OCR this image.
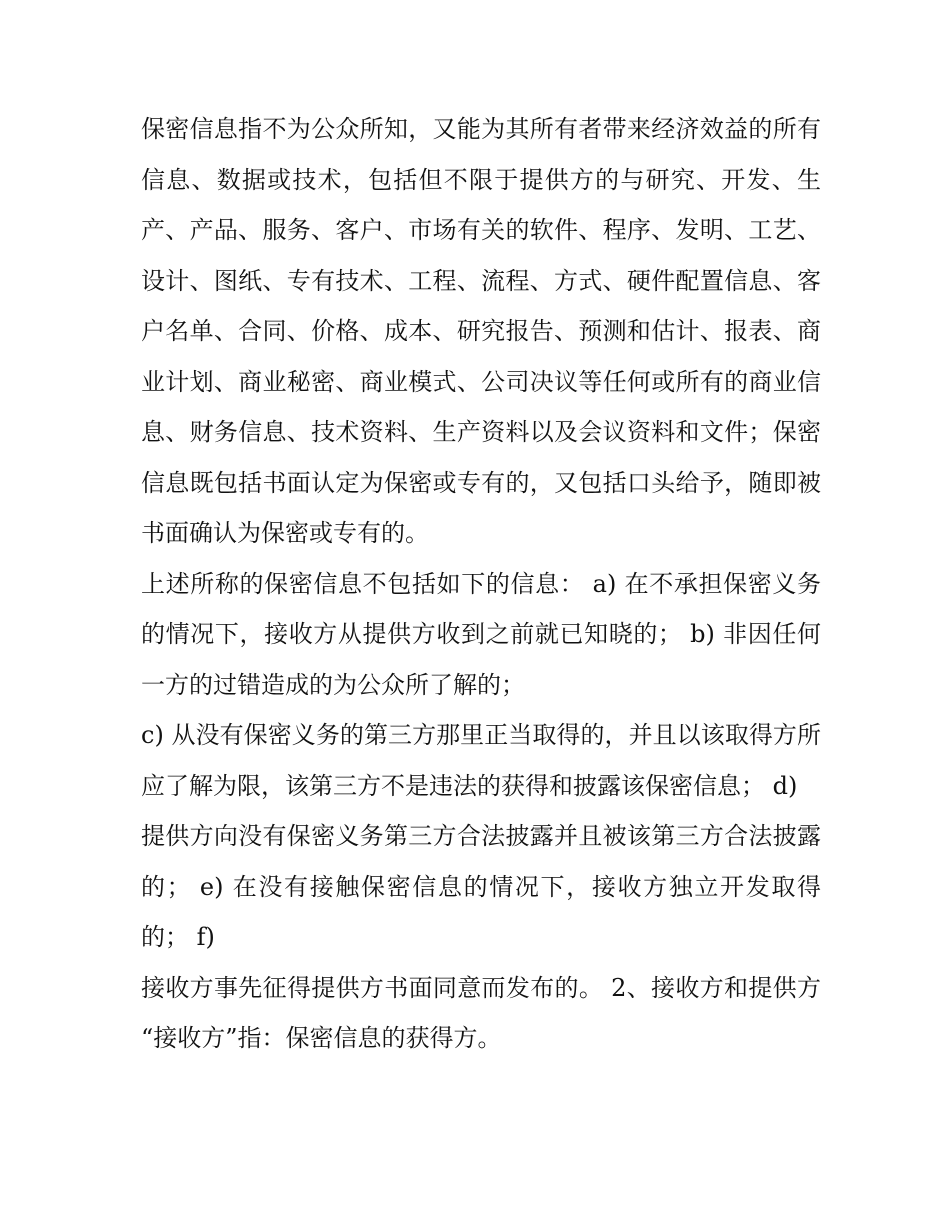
保密信息指不为公众所知，又能为其所有者带来经济效益的所有信息、数据或技术，包括但不限于提供方的与研究、开发、生产、产品、服务、客户、市场有关的软件、程序、发明、工艺、设计、图纸、专有技术、工程、流程、方式、硬件配置信息、客户名单、合同、价格、成本、研究报告、预测和估计、报表、商业计划、商业秘密、商业模式、公司决议等任何或所有的商业信息、财务信息、技术资料、生产资料以及会议资料和文件；保密信息既包括书面认定为保密或专有的，又包括口头给予，随即被书面确认为保密或专有的。

上述所称的保密信息不包括如下的信息： a) 在不承担保密义务的情况下，接收方从提供方收到之前就已知晓的； b) 非因任何一方的过错造成的为公众所了解的；

c) 从没有保密义务的第三方那里正当取得的，并且以该取得方所应了解为限，该第三方不是违法的获得和披露该保密信息； d)

提供方向没有保密义务第三方合法披露并且被该第三方合法披露的； e) 在没有接触保密信息的情况下，接收方独立开发取得的； f)

接收方事先征得提供方书面同意而发布的。 2、接收方和提供方 “接收方”指：保密信息的获得方。
